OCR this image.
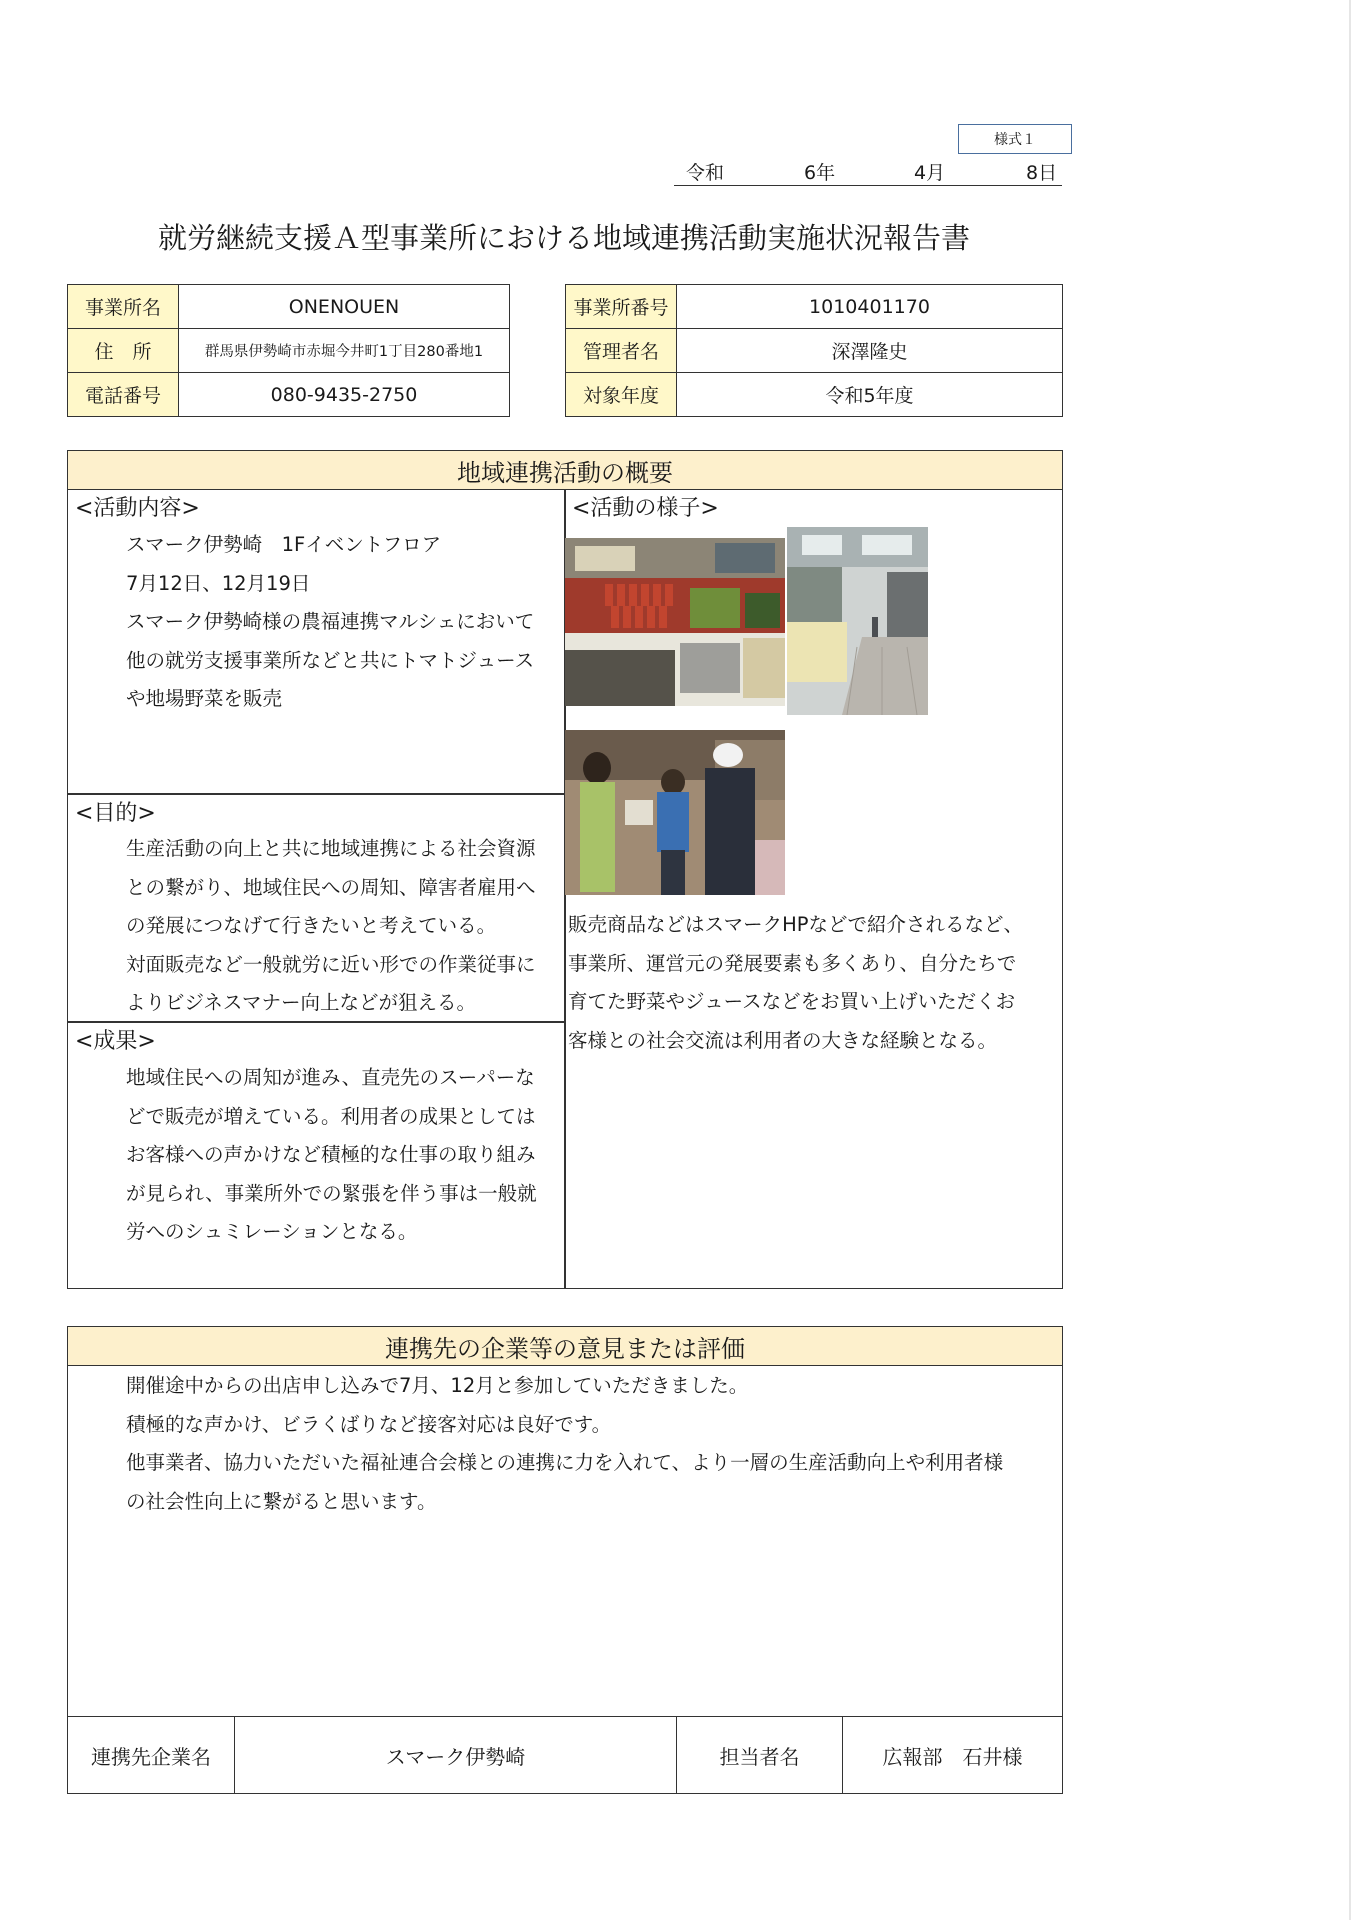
様式１
令和	6年	4月	8日
就労継続支援Ａ型事業所における地域連携活動実施状況報告書
事業所名	ONENOUEN
住　所	群馬県伊勢崎市赤堀今井町1丁目280番地1
電話番号	080-9435-2750
事業所番号	1010401170
管理者名	深澤隆史
対象年度	令和5年度
地域連携活動の概要
<活動内容>
スマーク伊勢崎　1Fイベントフロア
7月12日、12月19日
スマーク伊勢崎様の農福連携マルシェにおいて
他の就労支援事業所などと共にトマトジュース
や地場野菜を販売
<目的>
生産活動の向上と共に地域連携による社会資源
との繋がり、地域住民への周知、障害者雇用へ
の発展につなげて行きたいと考えている。
対面販売など一般就労に近い形での作業従事に
よりビジネスマナー向上などが狙える。
<成果>
地域住民への周知が進み、直売先のスーパーな
どで販売が増えている。利用者の成果としては
お客様への声かけなど積極的な仕事の取り組み
が見られ、事業所外での緊張を伴う事は一般就
労へのシュミレーションとなる。
<活動の様子>
販売商品などはスマークHPなどで紹介されるなど、
事業所、運営元の発展要素も多くあり、自分たちで
育てた野菜やジュースなどをお買い上げいただくお
客様との社会交流は利用者の大きな経験となる。
連携先の企業等の意見または評価
開催途中からの出店申し込みで7月、12月と参加していただきました。
積極的な声かけ、ビラくばりなど接客対応は良好です。
他事業者、協力いただいた福祉連合会様との連携に力を入れて、より一層の生産活動向上や利用者様
の社会性向上に繋がると思います。
連携先企業名	スマーク伊勢崎	担当者名	広報部　石井様
